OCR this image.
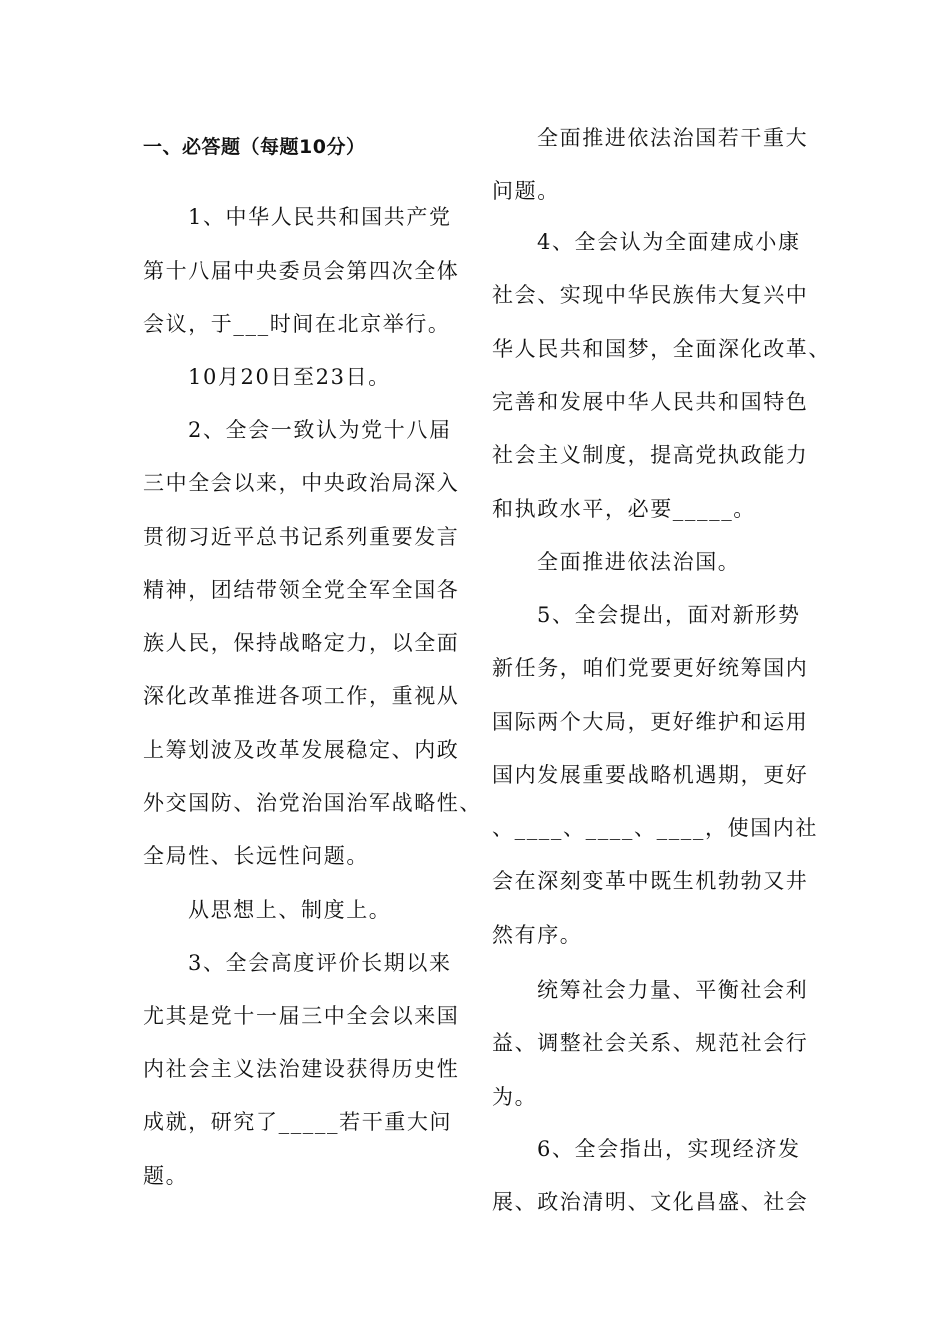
一、必答题（每题10分）
1、中华人民共和国共产党
第十八届中央委员会第四次全体
会议，于___时间在北京举行。
10月20日至23日。
2、全会一致认为党十八届
三中全会以来，中央政治局深入
贯彻习近平总书记系列重要发言
精神，团结带领全党全军全国各
族人民，保持战略定力，以全面
深化改革推进各项工作，重视从
上筹划波及改革发展稳定、内政
外交国防、治党治国治军战略性、
全局性、长远性问题。
从思想上、制度上。
3、全会高度评价长期以来
尤其是党十一届三中全会以来国
内社会主义法治建设获得历史性
成就，研究了_____若干重大问
题。
全面推进依法治国若干重大
问题。
4、全会认为全面建成小康
社会、实现中华民族伟大复兴中
华人民共和国梦，全面深化改革、
完善和发展中华人民共和国特色
社会主义制度，提高党执政能力
和执政水平，必要_____。
全面推进依法治国。
5、全会提出，面对新形势
新任务，咱们党要更好统筹国内
国际两个大局，更好维护和运用
国内发展重要战略机遇期，更好
、____、____、____，使国内社
会在深刻变革中既生机勃勃又井
然有序。
统筹社会力量、平衡社会利
益、调整社会关系、规范社会行
为。
6、全会指出，实现经济发
展、政治清明、文化昌盛、社会
